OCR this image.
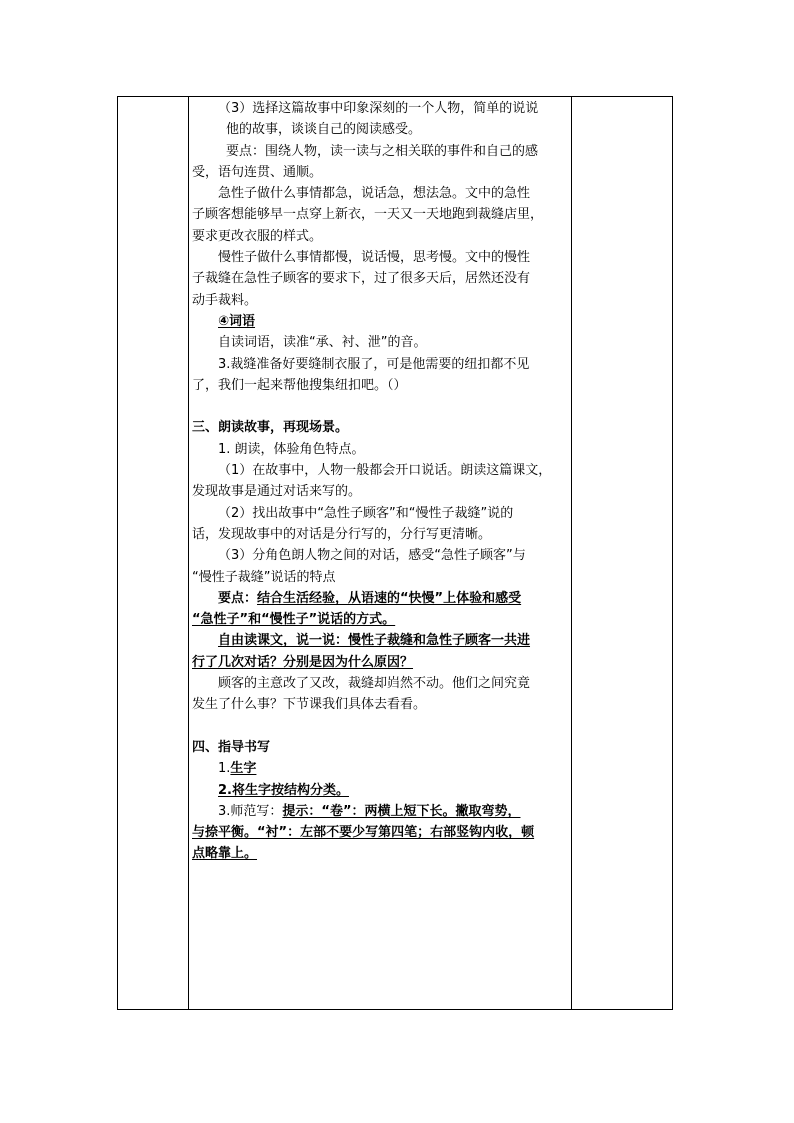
（3）选择这篇故事中印象深刻的一个人物，简单的说说
他的故事，谈谈自己的阅读感受。
要点：围绕人物，读一读与之相关联的事件和自己的感
受，语句连贯、通顺。
急性子做什么事情都急，说话急，想法急。文中的急性
子顾客想能够早一点穿上新衣，一天又一天地跑到裁缝店里，
要求更改衣服的样式。
慢性子做什么事情都慢，说话慢，思考慢。文中的慢性
子裁缝在急性子顾客的要求下，过了很多天后，居然还没有
动手裁料。
④词语
自读词语，读准“承、衬、泄”的音。
3.裁缝准备好要缝制衣服了，可是他需要的纽扣都不见
了，我们一起来帮他搜集纽扣吧。（）
三、朗读故事，再现场景。
1. 朗读，体验角色特点。
（1）在故事中，人物一般都会开口说话。朗读这篇课文，
发现故事是通过对话来写的。
（2）找出故事中“急性子顾客”和“慢性子裁缝”说的
话，发现故事中的对话是分行写的，分行写更清晰。
（3）分角色朗人物之间的对话，感受“急性子顾客”与
“慢性子裁缝”说话的特点
要点：结合生活经验，从语速的“快慢”上体验和感受
“急性子”和“慢性子”说话的方式。
自由读课文，说一说：慢性子裁缝和急性子顾客一共进
行了几次对话？分别是因为什么原因？
顾客的主意改了又改，裁缝却岿然不动。他们之间究竟
发生了什么事？下节课我们具体去看看。
四、指导书写
1.生字
2.将生字按结构分类。
3.师范写：提示：“卷”：两横上短下长。撇取弯势，
与捺平衡。“衬”：左部不要少写第四笔；右部竖钩内收，顿
点略靠上。
